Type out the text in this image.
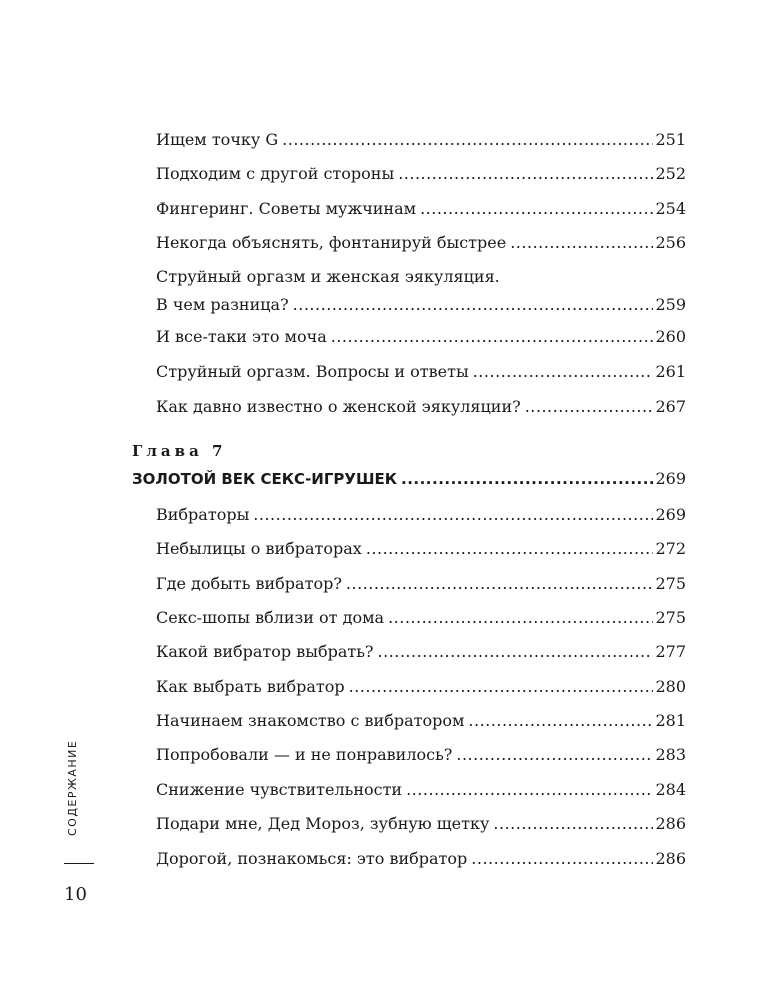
Ищем точку G .....	251
Подходим с другой стороны .....	252
Фингеринг. Советы мужчинам .....	254
Некогда объяснять, фонтанируй быстрее .....	256
Струйный оргазм и женская эякуляция.
В чем разница? .....	259
И все-таки это моча .....	260
Струйный оргазм. Вопросы и ответы .....	261
Как давно известно о женской эякуляции? .....	267
Глава 7
ЗОЛОТОЙ ВЕК СЕКС-ИГРУШЕК .....	269
Вибраторы .....	269
Небылицы о вибраторах .....	272
Где добыть вибратор? .....	275
Секс-шопы вблизи от дома .....	275
Какой вибратор выбрать? .....	277
Как выбрать вибратор .....	280
Начинаем знакомство с вибратором .....	281
Попробовали — и не понравилось? .....	283
Снижение чувствительности .....	284
Подари мне, Дед Мороз, зубную щетку .....	286
Дорогой, познакомься: это вибратор .....	286
СОДЕРЖАНИЕ
10
